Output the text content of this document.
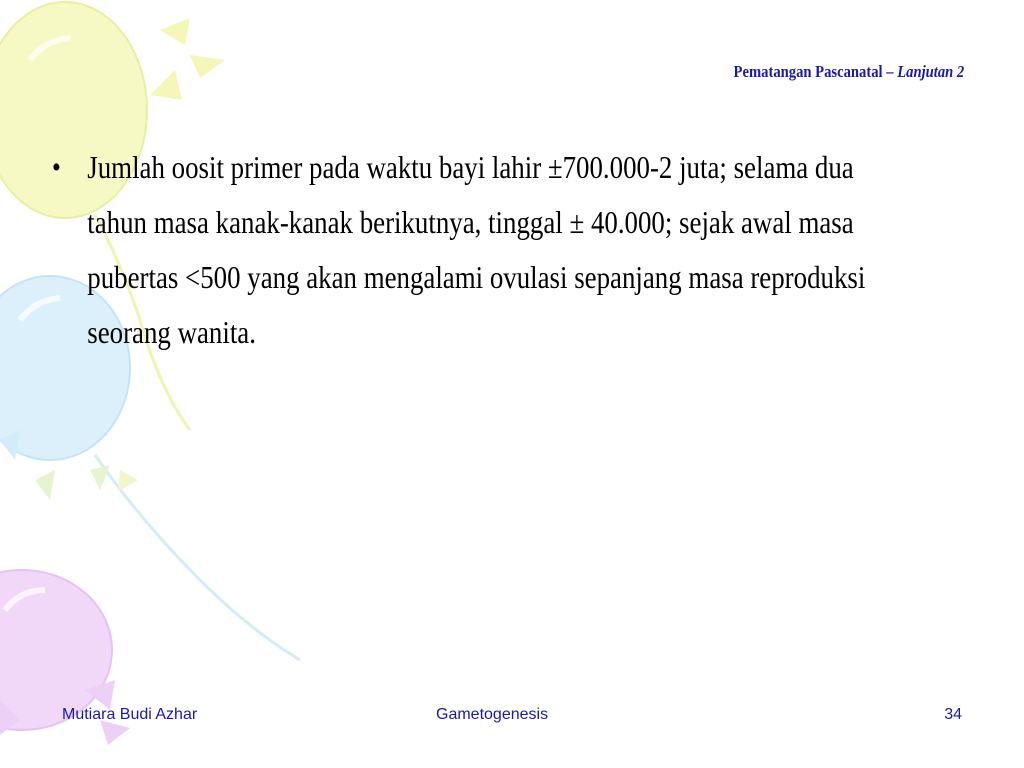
Pematangan Pascanatal – Lanjutan 2
• Jumlah oosit primer pada waktu bayi lahir ±700.000-2 juta; selama dua tahun masa kanak-kanak berikutnya, tinggal ± 40.000; sejak awal masa pubertas <500 yang akan mengalami ovulasi sepanjang masa reproduksi seorang wanita.

Mutiara Budi Azhar	Gametogenesis	34
